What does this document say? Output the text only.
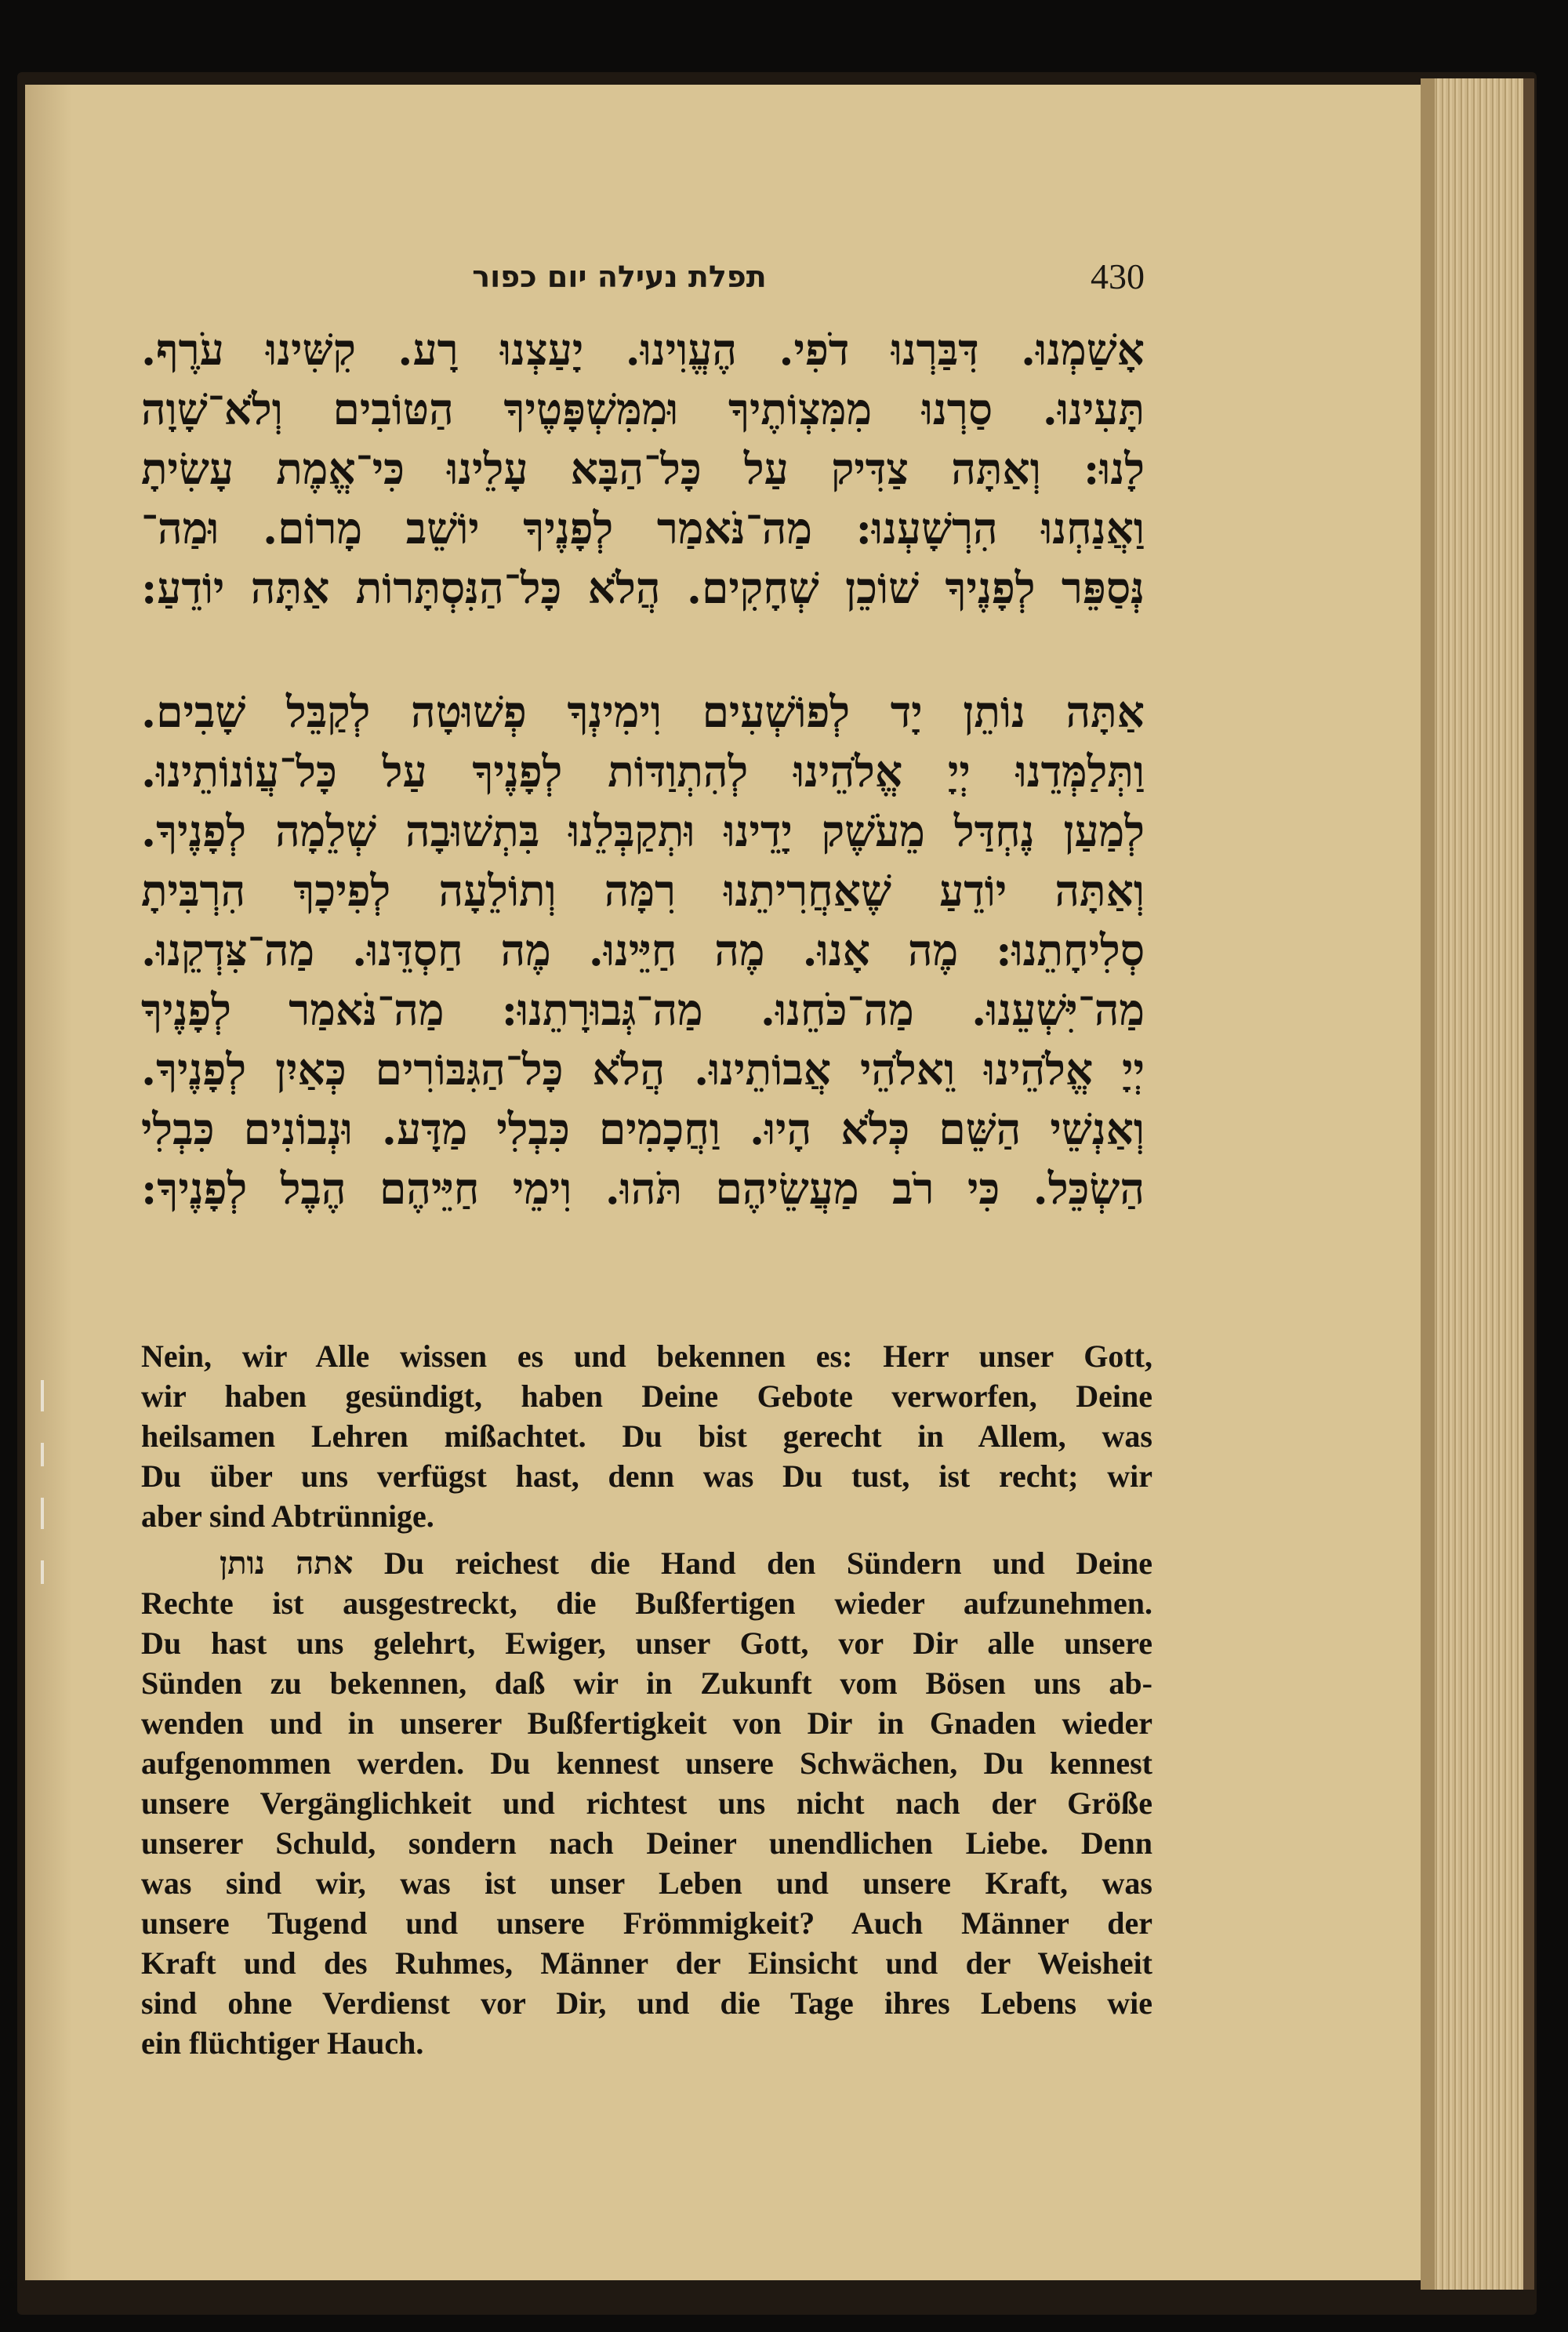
תפלת נעילה יום כפור	430
אָשַׁמְנוּ. דִּבַּרְנוּ דֹפִי. הֶעֱוִינוּ. יָעַצְנוּ רָע. קִשִּׁינוּ עֹרֶף.
תָּעִינוּ. סַרְנוּ מִמִּצְוֹתֶיךָ וּמִמִּשְׁפָּטֶיךָ הַטּוֹבִים וְלֹא־שָׁוָה
לָנוּ: וְאַתָּה צַדִּיק עַל כָּל־הַבָּא עָלֵינוּ כִּי־אֱמֶת עָשִׂיתָ
וַאֲנַחְנוּ הִרְשָׁעְנוּ: מַה־נֹּאמַר לְפָנֶיךָ יוֹשֵׁב מָרוֹם. וּמַה־
נְּסַפֵּר לְפָנֶיךָ שׁוֹכֵן שְׁחָקִים. הֲלֹא כָּל־הַנִּסְתָּרוֹת אַתָּה יוֹדֵעַ:
אַתָּה נוֹתֵן יָד לְפוֹשְׁעִים וִימִינְךָ פְשׁוּטָה לְקַבֵּל שָׁבִים.
וַתְּלַמְּדֵנוּ יְיָ אֱלֹהֵינוּ לְהִתְוַדּוֹת לְפָנֶיךָ עַל כָּל־עֲוֹנוֹתֵינוּ.
לְמַעַן נֶחְדַּל מֵעֹשֶׁק יָדֵינוּ וּתְקַבְּלֵנוּ בִּתְשׁוּבָה שְׁלֵמָה לְפָנֶיךָ.
וְאַתָּה יוֹדֵעַ שֶׁאַחֲרִיתֵנוּ רִמָּה וְתוֹלֵעָה לְפִיכָךְ הִרְבִּיתָ
סְלִיחָתֵנוּ: מֶה אָנוּ. מֶה חַיֵּינוּ. מֶה חַסְדֵּנוּ. מַה־צִּדְקֵנוּ.
מַה־יִּשְׁעֵנוּ. מַה־כֹּחֵנוּ. מַה־גְּבוּרָתֵנוּ: מַה־נֹּאמַר לְפָנֶיךָ
יְיָ אֱלֹהֵינוּ וֵאלֹהֵי אֲבוֹתֵינוּ. הֲלֹא כָּל־הַגִּבּוֹרִים כְּאַיִן לְפָנֶיךָ.
וְאַנְשֵׁי הַשֵּׁם כְּלֹא הָיוּ. וַחֲכָמִים כִּבְלִי מַדָּע. וּנְבוֹנִים כִּבְלִי
הַשְׂכֵּל. כִּי רֹב מַעֲשֵׂיהֶם תֹּהוּ. וִימֵי חַיֵּיהֶם הֶבֶל לְפָנֶיךָ:
Nein, wir Alle wissen es und bekennen es: Herr unser Gott,
wir haben gesündigt, haben Deine Gebote verworfen, Deine
heilsamen Lehren mißachtet. Du bist gerecht in Allem, was
Du über uns verfügst hast, denn was Du tust, ist recht; wir
aber sind Abtrünnige.
אתה נותן Du reichest die Hand den Sündern und Deine
Rechte ist ausgestreckt, die Bußfertigen wieder aufzunehmen.
Du hast uns gelehrt, Ewiger, unser Gott, vor Dir alle unsere
Sünden zu bekennen, daß wir in Zukunft vom Bösen uns ab-
wenden und in unserer Bußfertigkeit von Dir in Gnaden wieder
aufgenommen werden. Du kennest unsere Schwächen, Du kennest
unsere Vergänglichkeit und richtest uns nicht nach der Größe
unserer Schuld, sondern nach Deiner unendlichen Liebe. Denn
was sind wir, was ist unser Leben und unsere Kraft, was
unsere Tugend und unsere Frömmigkeit? Auch Männer der
Kraft und des Ruhmes, Männer der Einsicht und der Weisheit
sind ohne Verdienst vor Dir, und die Tage ihres Lebens wie
ein flüchtiger Hauch.
